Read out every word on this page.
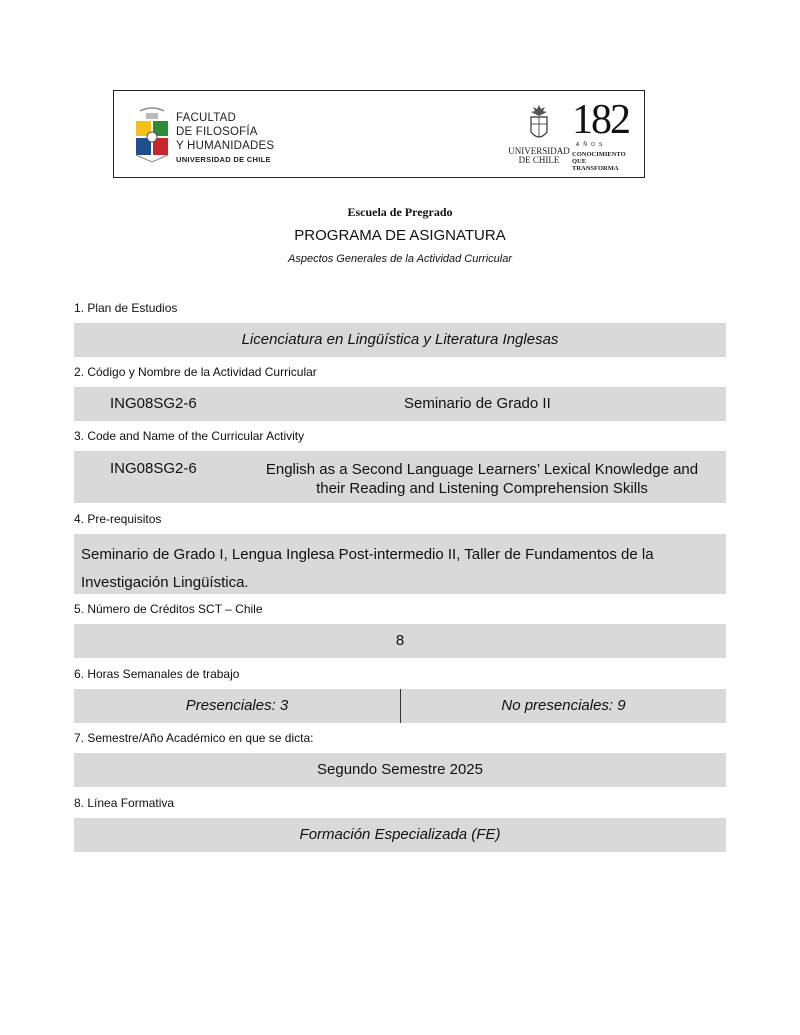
FACULTAD
DE FILOSOFÍA
Y HUMANIDADES
UNIVERSIDAD DE CHILE
UNIVERSIDAD
DE CHILE
182
AÑOS
CONOCIMIENTO
QUE TRANSFORMA
Escuela de Pregrado
PROGRAMA DE ASIGNATURA
Aspectos Generales de la Actividad Curricular
1. Plan de Estudios
Licenciatura en Lingüística y Literatura Inglesas
2. Código y Nombre de la Actividad Curricular
ING08SG2-6	Seminario de Grado II
3. Code and Name of the Curricular Activity
ING08SG2-6	English as a Second Language Learners’ Lexical Knowledge and
their Reading and Listening Comprehension Skills
4. Pre-requisitos
Seminario de Grado I, Lengua Inglesa Post-intermedio II, Taller de Fundamentos de la
Investigación Lingüística.
5. Número de Créditos SCT – Chile
8
6. Horas Semanales de trabajo
Presenciales: 3	No presenciales: 9
7. Semestre/Año Académico en que se dicta:
Segundo Semestre 2025
8. Línea Formativa
Formación Especializada (FE)
